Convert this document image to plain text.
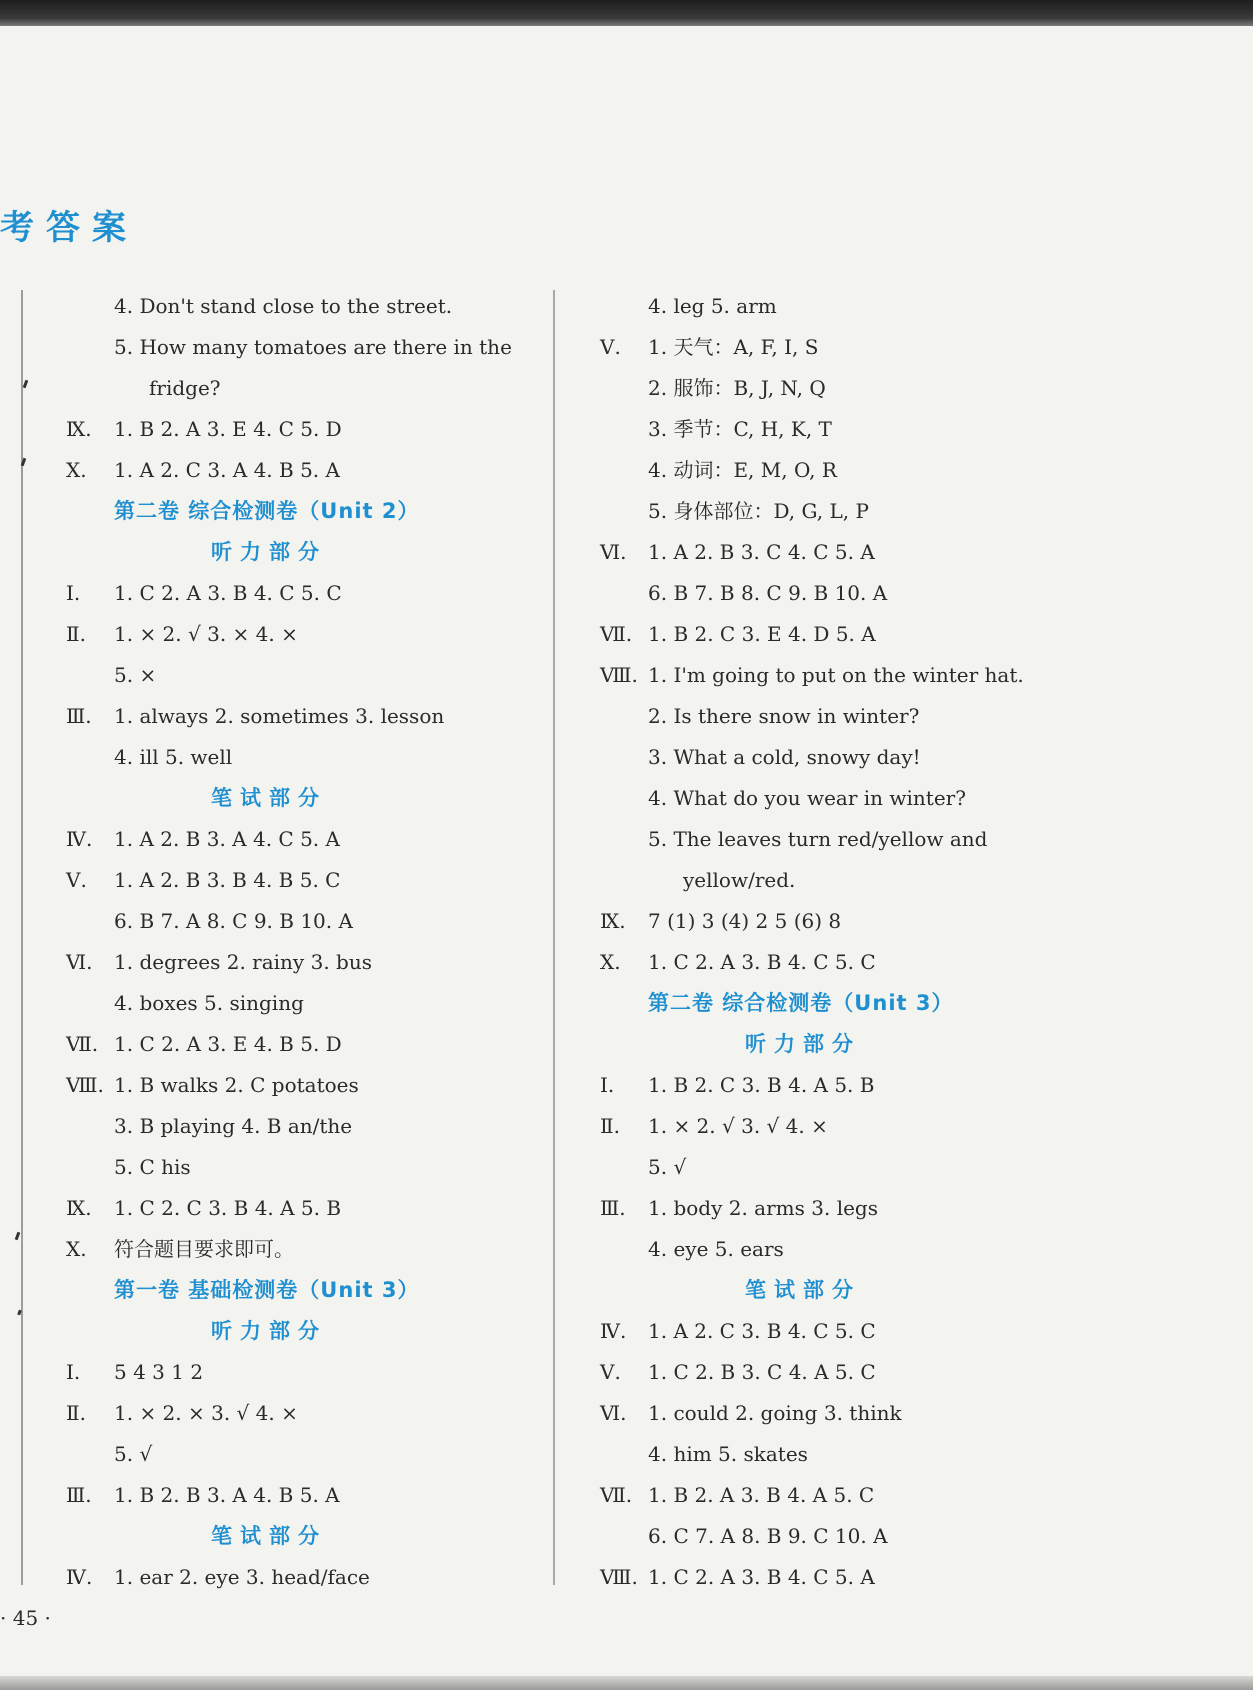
考答案
4. Don't stand close to the street.
5. How many tomatoes are there in the
fridge?
Ⅸ. 1. B 2. A 3. E 4. C 5. D
Ⅹ. 1. A 2. C 3. A 4. B 5. A
第二卷 综合检测卷（Unit 2）
听力部分
Ⅰ. 1. C 2. A 3. B 4. C 5. C
Ⅱ. 1. × 2. √ 3. × 4. ×
5. ×
Ⅲ. 1. always 2. sometimes 3. lesson
4. ill 5. well
笔试部分
Ⅳ. 1. A 2. B 3. A 4. C 5. A
Ⅴ. 1. A 2. B 3. B 4. B 5. C
6. B 7. A 8. C 9. B 10. A
Ⅵ. 1. degrees 2. rainy 3. bus
4. boxes 5. singing
Ⅶ. 1. C 2. A 3. E 4. B 5. D
Ⅷ. 1. B walks 2. C potatoes
3. B playing 4. B an/the
5. C his
Ⅸ. 1. C 2. C 3. B 4. A 5. B
Ⅹ. 符合题目要求即可。
第一卷 基础检测卷（Unit 3）
听力部分
Ⅰ. 5 4 3 1 2
Ⅱ. 1. × 2. × 3. √ 4. ×
5. √
Ⅲ. 1. B 2. B 3. A 4. B 5. A
笔试部分
Ⅳ. 1. ear 2. eye 3. head/face
4. leg 5. arm
Ⅴ. 1. 天气：A, F, I, S
2. 服饰：B, J, N, Q
3. 季节：C, H, K, T
4. 动词：E, M, O, R
5. 身体部位：D, G, L, P
Ⅵ. 1. A 2. B 3. C 4. C 5. A
6. B 7. B 8. C 9. B 10. A
Ⅶ. 1. B 2. C 3. E 4. D 5. A
Ⅷ. 1. I'm going to put on the winter hat.
2. Is there snow in winter?
3. What a cold, snowy day!
4. What do you wear in winter?
5. The leaves turn red/yellow and
yellow/red.
Ⅸ. 7 (1) 3 (4) 2 5 (6) 8
Ⅹ. 1. C 2. A 3. B 4. C 5. C
第二卷 综合检测卷（Unit 3）
听力部分
Ⅰ. 1. B 2. C 3. B 4. A 5. B
Ⅱ. 1. × 2. √ 3. √ 4. ×
5. √
Ⅲ. 1. body 2. arms 3. legs
4. eye 5. ears
笔试部分
Ⅳ. 1. A 2. C 3. B 4. C 5. C
Ⅴ. 1. C 2. B 3. C 4. A 5. C
Ⅵ. 1. could 2. going 3. think
4. him 5. skates
Ⅶ. 1. B 2. A 3. B 4. A 5. C
6. C 7. A 8. B 9. C 10. A
Ⅷ. 1. C 2. A 3. B 4. C 5. A
· 45 ·
